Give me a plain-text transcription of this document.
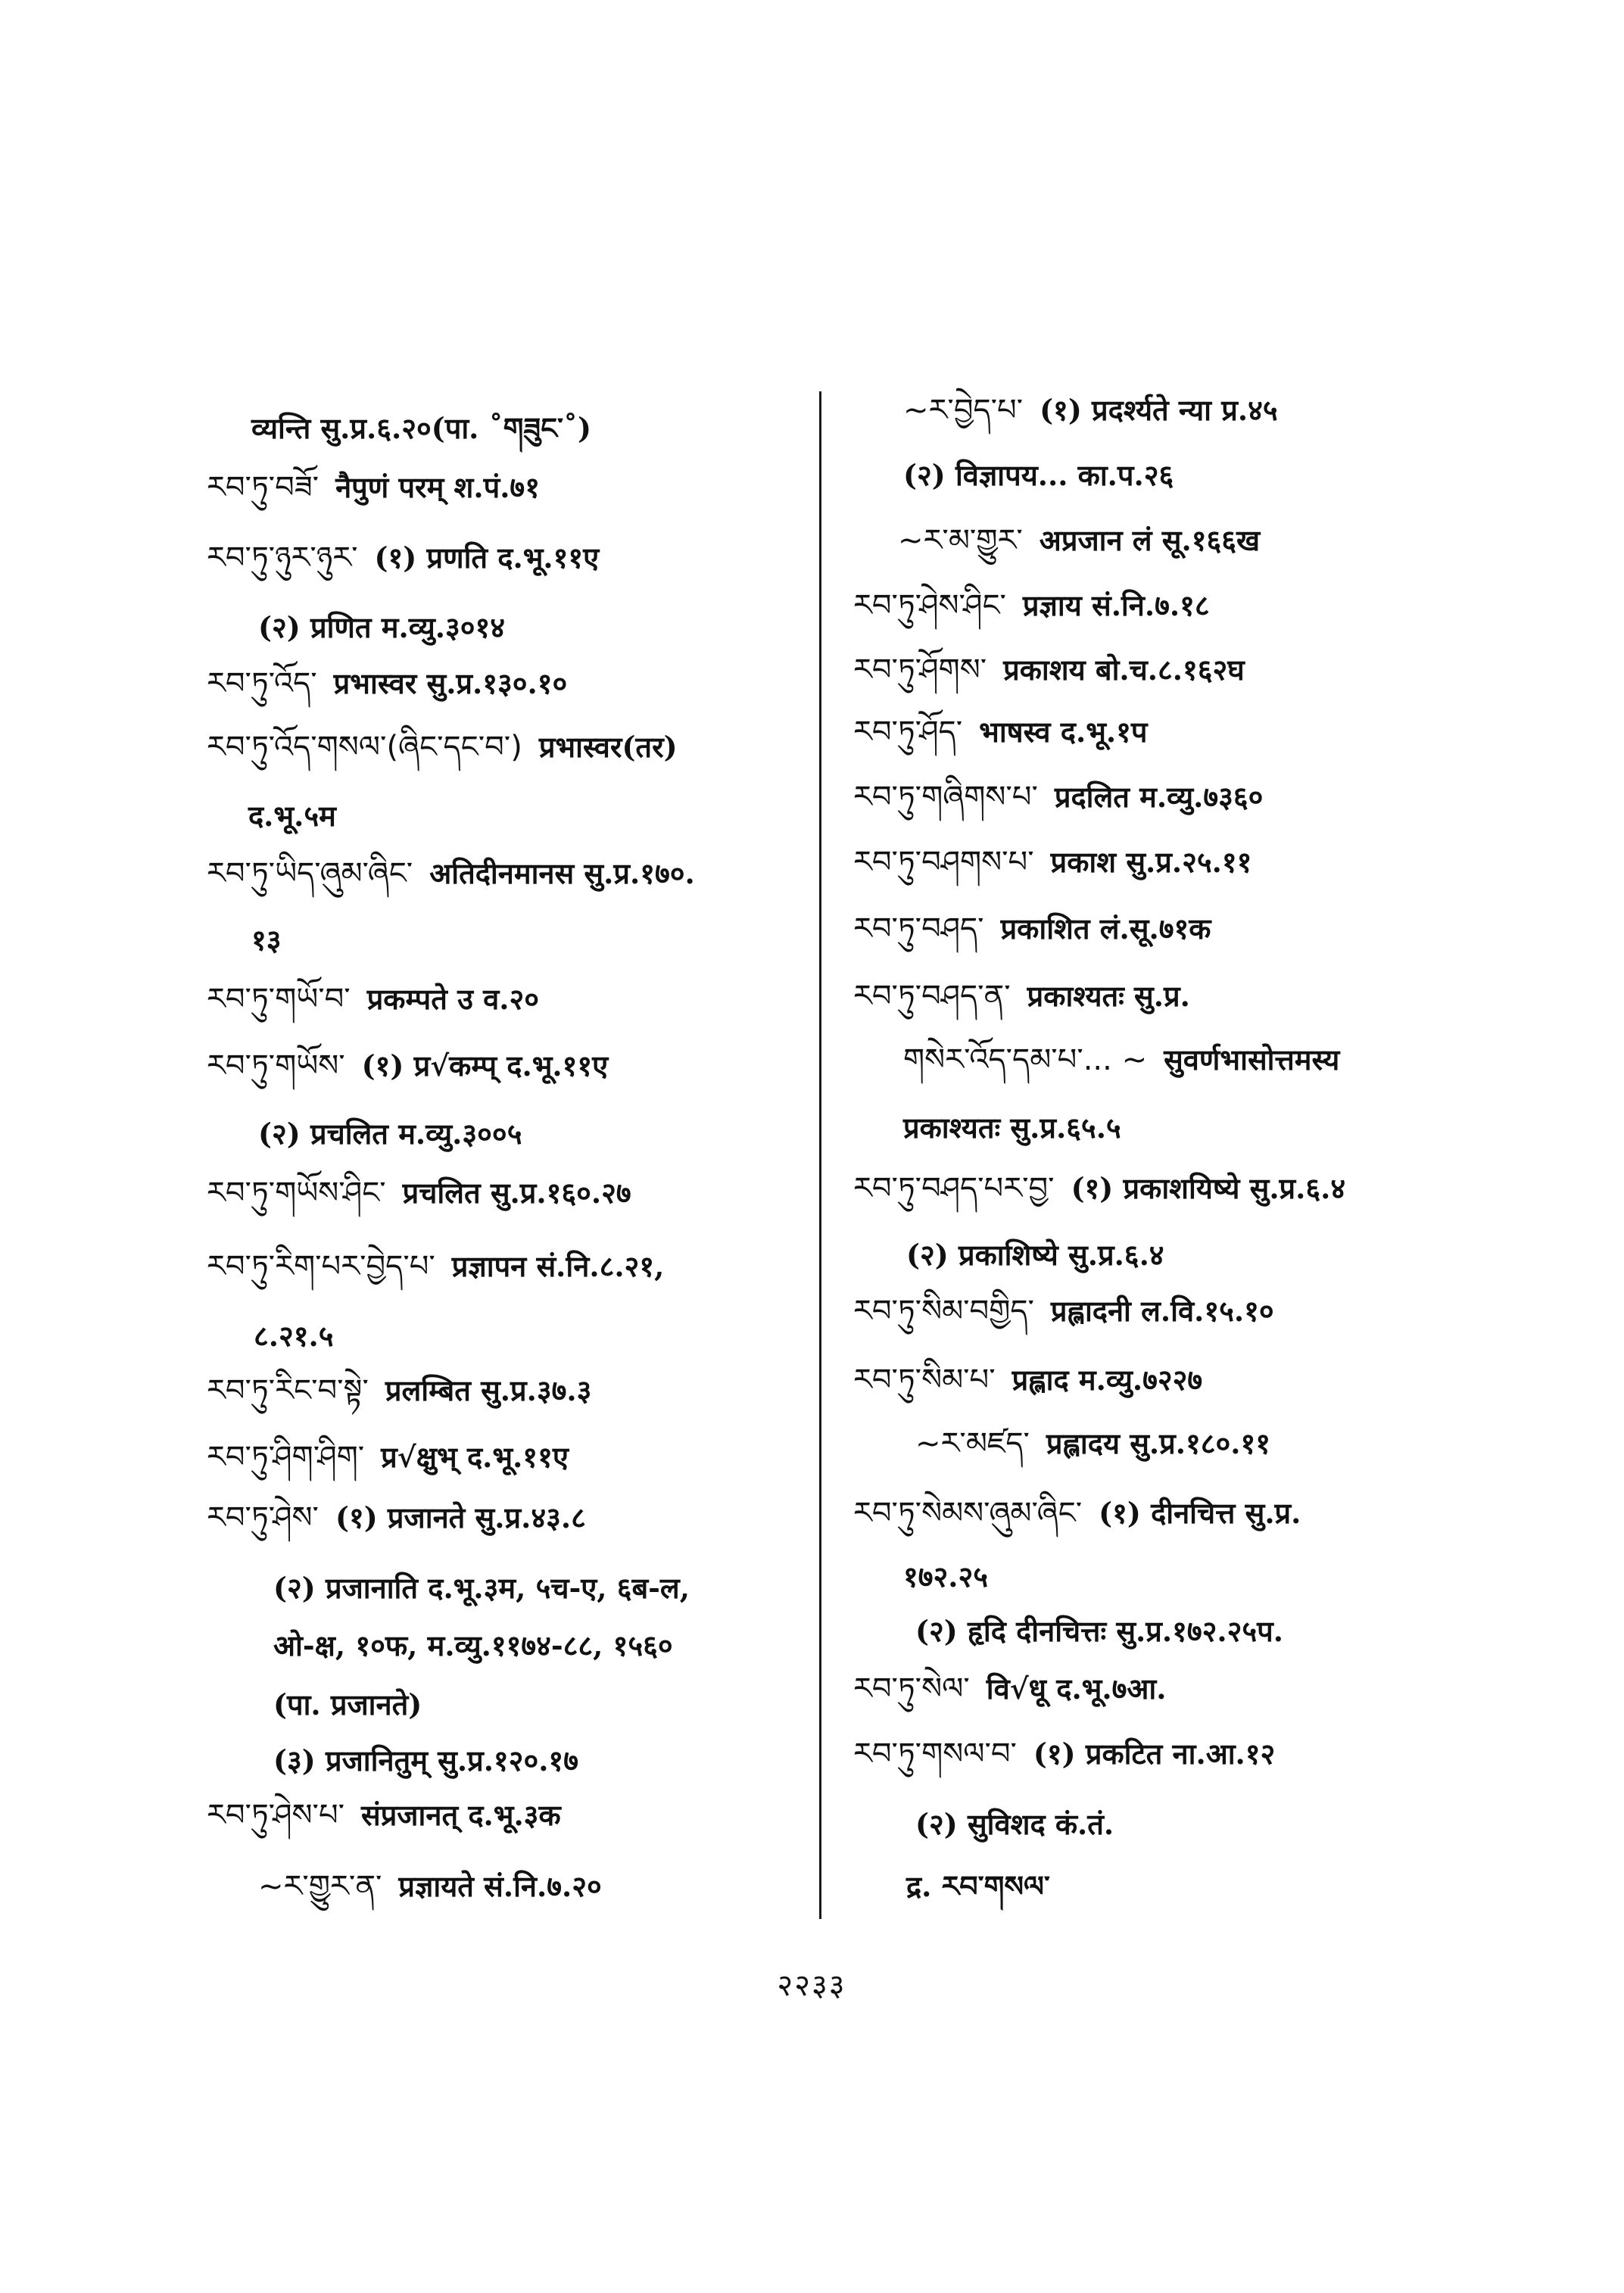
व्यन्ति सु.प्र.६.२०(पा. ˚གཟུང་˚)
རབ་ཏུ་བཟོ་ नैपुणं परम् श.पं.७१
རབ་ཏུ་ཉུར་ཉུར་ (१) प्रणति द.भू.११ए
(२) प्रणित म.व्यु.३०१४
རབ་ཏུ་འོད་ प्रभास्वर सु.प्र.१३०.१०
རབ་ཏུ་འོད་གསལ་(ཞིང་དང་བ་) प्रभास्वर(तर)
द.भू.५म
རབ་ཏུ་ཡིད་ཞུམ་ཞིང་ अतिदीनमानस सु.प्र.१७०.
१३
རབ་ཏུ་གཡོ་བ་ प्रकम्पते उ व.२०
རབ་ཏུ་གཡོས་ (१) प्र√कम्प् द.भू.११ए
(२) प्रचलित म.व्यु.३००५
རབ་ཏུ་གཡོས་ཤིང་ प्रचलित सु.प्र.१६०.२७
རབ་ཏུ་རིག་པར་བྱེད་པ་ प्रज्ञापन सं.नि.८.२१,
८.२१.५
རབ་ཏུ་རིང་བ་སྟེ་ प्रलम्बित सु.प्र.३७.३
རབ་ཏུ་ཤིག་ཤིག་ प्र√क्षुभ् द.भू.११ए
རབ་ཏུ་ཤེས་ (१) प्रजानते सु.प्र.४३.८
(२) प्रजानाति द.भू.३म, ५च-ए, ६ब-ल,
ओ-क्ष, १०फ, म.व्यु.११७४-८८, १५६०
(पा. प्रजानते)
(३) प्रजानितुम् सु.प्र.१२०.१७
རབ་ཏུ་ཤེས་པ་ संप्रजानत् द.भू.३क
~ར་གྱུར་ན་ प्रज्ञायते सं.नि.७.२०
~ར་བྱེད་པ་ (१) प्रदर्श्यते न्या प्र.४५
(२) विज्ञापय... का.प.२६
~ར་མ་གྱུར་ अप्रजान लं सू.१६६ख
རབ་ཏུ་ཤེས་ཤིང་ प्रज्ञाय सं.नि.७.१८
རབ་ཏུ་ཤོགས་ प्रकाशय बो.च.८.१६२घ
རབ་ཏུ་ཤོད་ भाषस्व द.भू.१प
རབ་ཏུ་གཞིགས་པ་ प्रदलित म.व्यु.७३६०
རབ་ཏུ་བཤགས་པ་ प्रकाश सु.प्र.२५.११
རབ་ཏུ་བཤད་ प्रकाशित लं.सू.७१क
རབ་ཏུ་བཤད་ན་ प्रकाश्यतः सु.प्र.
གསེར་འོད་དམ་པ་... ~ सुवर्णभासोत्तमस्य
प्रकाश्यतः सु.प्र.६५.५
རབ་ཏུ་བཤད་པར་བྱ་ (१) प्रकाशयिष्ये सु.प्र.६.४
(२) प्रकाशिष्ये सु.प्र.६.४
རབ་ཏུ་སིམ་བགྱིད་ प्रह्लादनी ल.वि.१५.१०
རབ་ཏུ་སིམ་པ་ प्रह्लाद म.व्यु.७२२७
~ར་མཛད་ प्रह्लादय सु.प्र.१८०.११
རབ་ཏུ་སེམས་ཞུམ་ཞིང་ (१) दीनचित्त सु.प्र.
१७२.२५
(२) हृदि दीनचित्तः सु.प्र.१७२.२५प.
རབ་ཏུ་སེལ་ वि√धू द.भू.७आ.
རབ་ཏུ་གསལ་བ་ (१) प्रकटित ना.आ.१२
(२) सुविशद कं.तं.
द्र. རབ་གསལ་
२२३३
